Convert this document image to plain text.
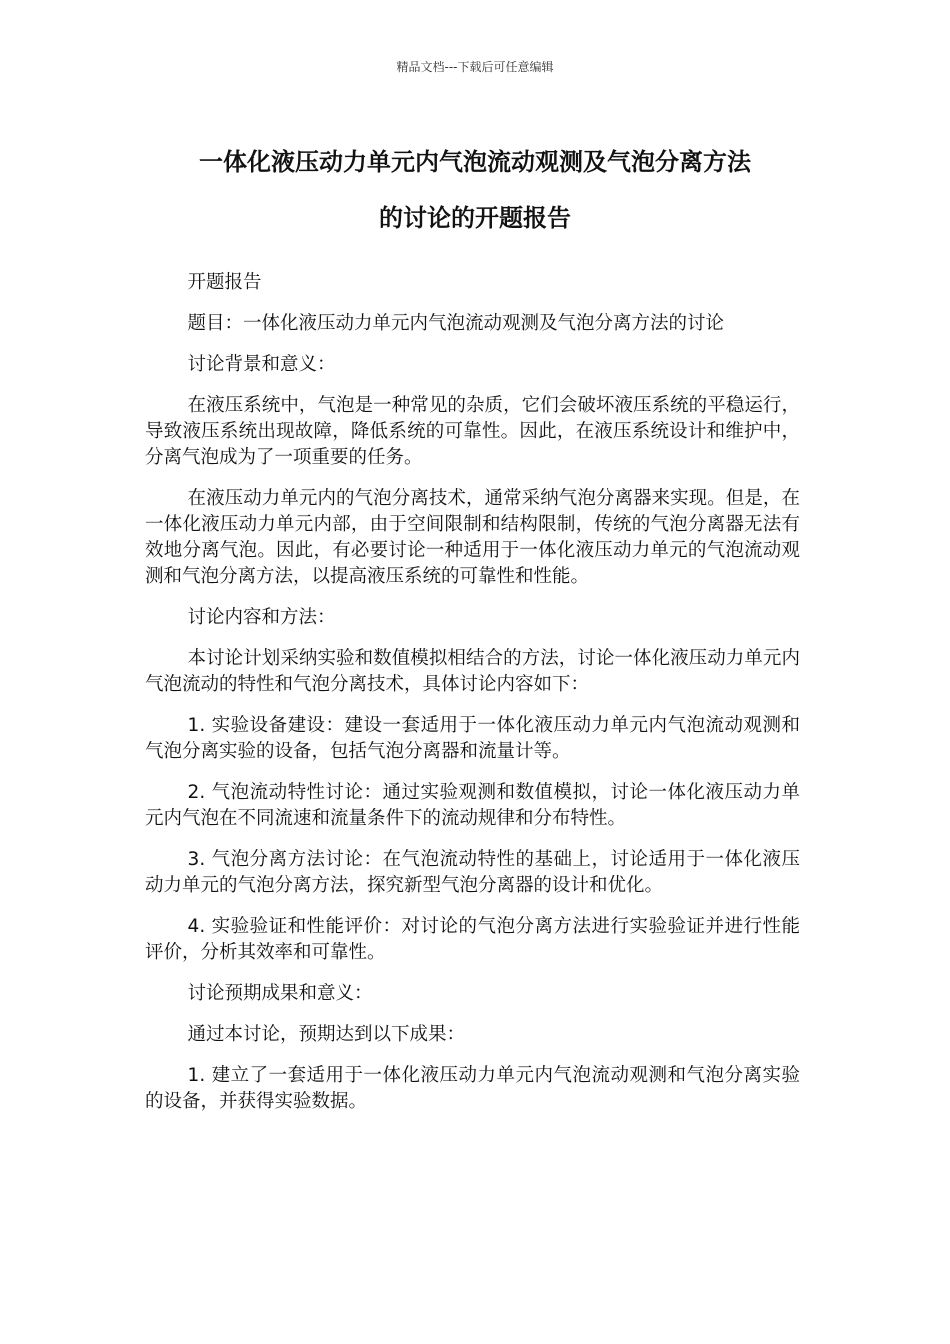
精品文档---下载后可任意编辑
一体化液压动力单元内气泡流动观测及气泡分离方法
的讨论的开题报告

开题报告

题目：一体化液压动力单元内气泡流动观测及气泡分离方法的讨论

讨论背景和意义：

在液压系统中，气泡是一种常见的杂质，它们会破坏液压系统的平稳运行，导致液压系统出现故障，降低系统的可靠性。因此，在液压系统设计和维护中，分离气泡成为了一项重要的任务。

在液压动力单元内的气泡分离技术，通常采纳气泡分离器来实现。但是，在一体化液压动力单元内部，由于空间限制和结构限制，传统的气泡分离器无法有效地分离气泡。因此，有必要讨论一种适用于一体化液压动力单元的气泡流动观测和气泡分离方法，以提高液压系统的可靠性和性能。

讨论内容和方法：

本讨论计划采纳实验和数值模拟相结合的方法，讨论一体化液压动力单元内气泡流动的特性和气泡分离技术，具体讨论内容如下：

1. 实验设备建设：建设一套适用于一体化液压动力单元内气泡流动观测和气泡分离实验的设备，包括气泡分离器和流量计等。

2. 气泡流动特性讨论：通过实验观测和数值模拟，讨论一体化液压动力单元内气泡在不同流速和流量条件下的流动规律和分布特性。

3. 气泡分离方法讨论：在气泡流动特性的基础上，讨论适用于一体化液压动力单元的气泡分离方法，探究新型气泡分离器的设计和优化。

4. 实验验证和性能评价：对讨论的气泡分离方法进行实验验证并进行性能评价，分析其效率和可靠性。

讨论预期成果和意义：

通过本讨论，预期达到以下成果：

1. 建立了一套适用于一体化液压动力单元内气泡流动观测和气泡分离实验的设备，并获得实验数据。
